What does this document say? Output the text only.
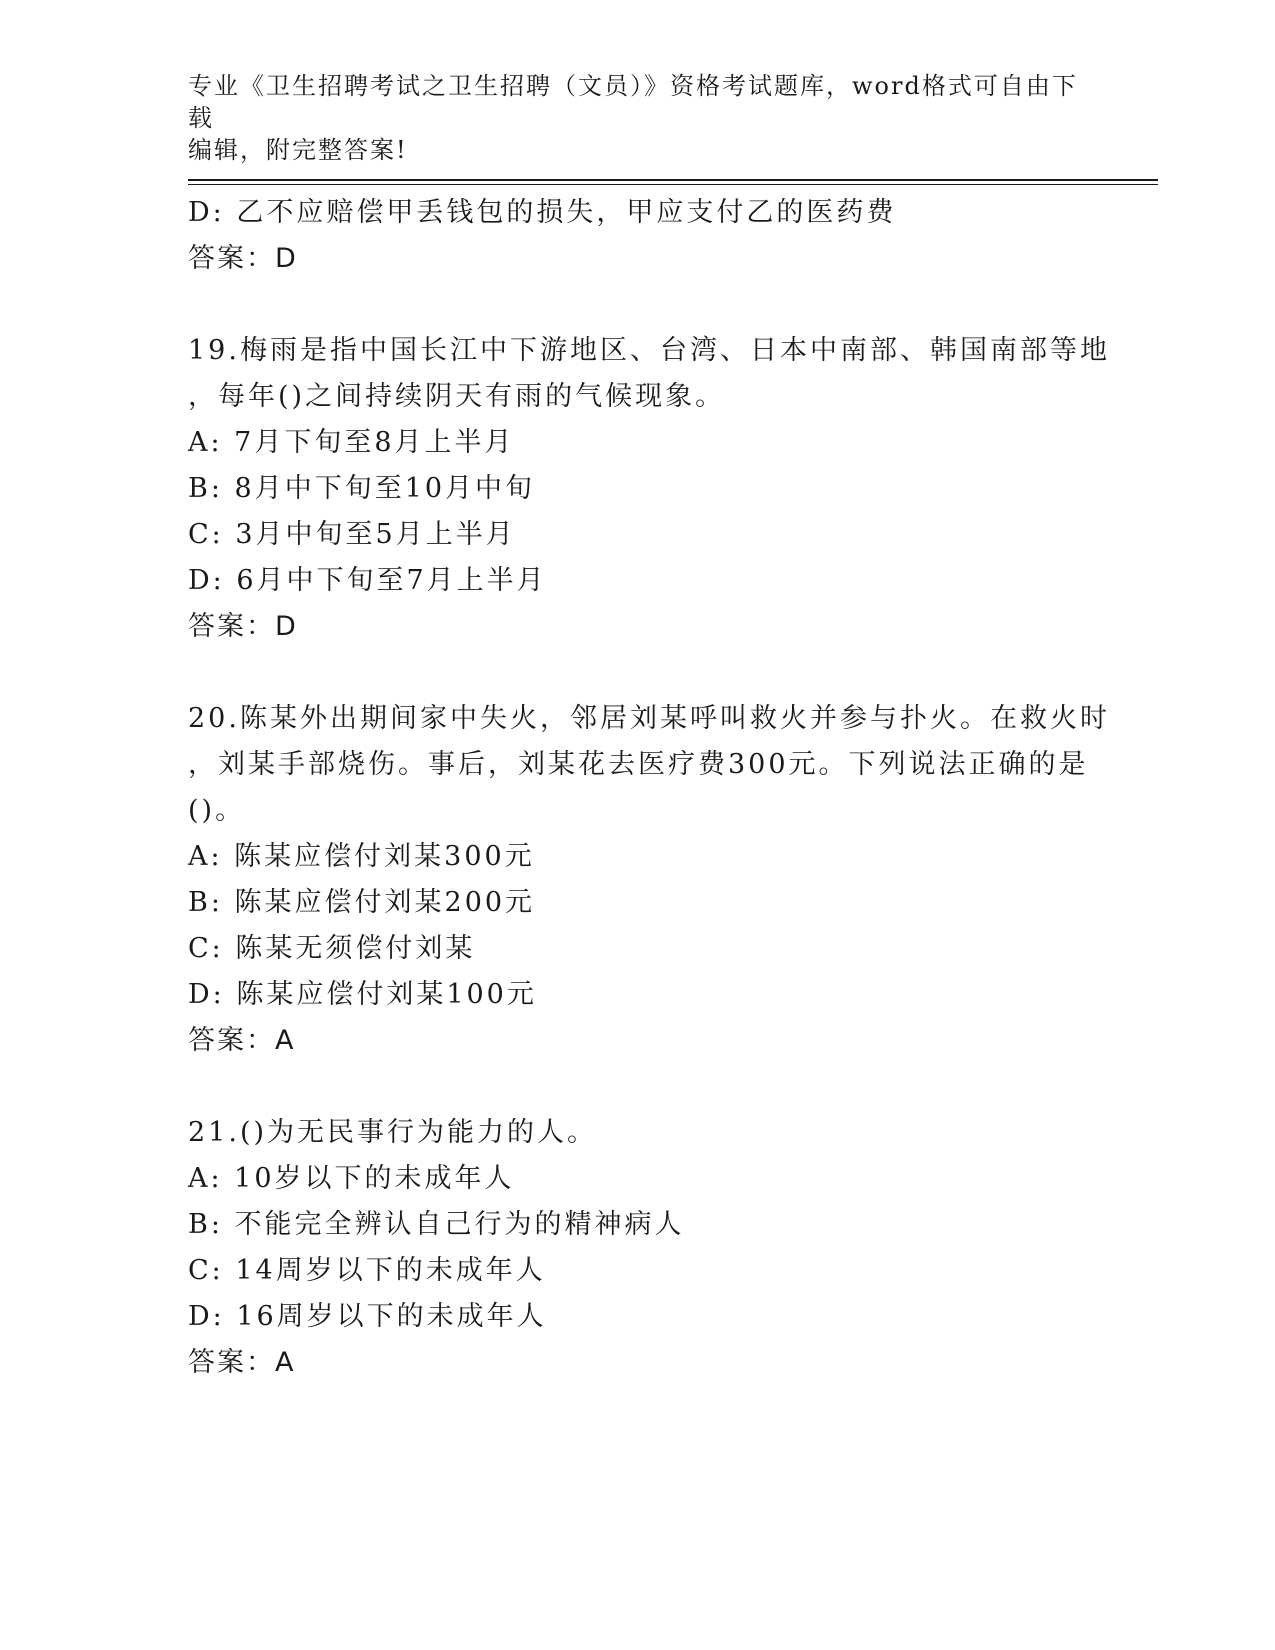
专业《卫生招聘考试之卫生招聘（文员）》资格考试题库，word格式可自由下载
编辑，附完整答案!
D: 乙不应赔偿甲丢钱包的损失，甲应支付乙的医药费
答案：D
19.梅雨是指中国长江中下游地区、台湾、日本中南部、韩国南部等地
，每年()之间持续阴天有雨的气候现象。
A: 7月下旬至8月上半月
B: 8月中下旬至10月中旬
C: 3月中旬至5月上半月
D: 6月中下旬至7月上半月
答案：D
20.陈某外出期间家中失火，邻居刘某呼叫救火并参与扑火。在救火时
，刘某手部烧伤。事后，刘某花去医疗费300元。下列说法正确的是
()。
A: 陈某应偿付刘某300元
B: 陈某应偿付刘某200元
C: 陈某无须偿付刘某
D: 陈某应偿付刘某100元
答案：A
21.()为无民事行为能力的人。
A: 10岁以下的未成年人
B: 不能完全辨认自己行为的精神病人
C: 14周岁以下的未成年人
D: 16周岁以下的未成年人
答案：A
